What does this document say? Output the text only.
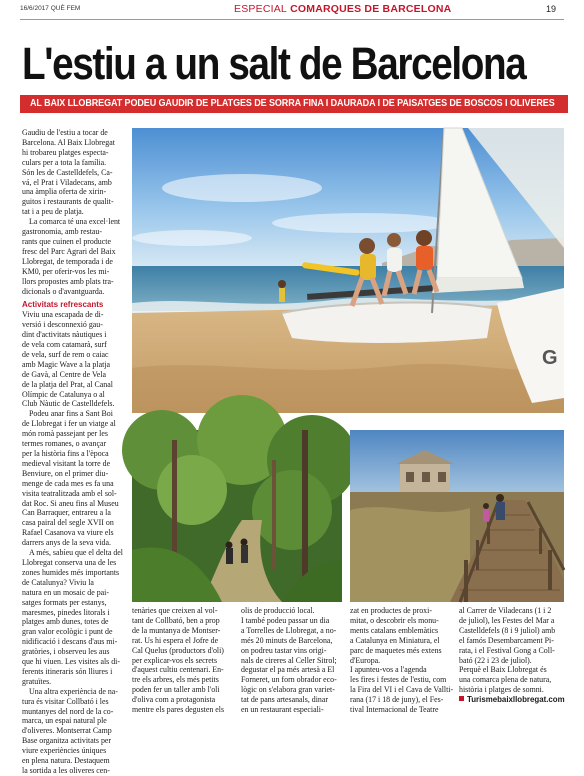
16/6/2017 QUÈ FEM	ESPECIAL COMARQUES DE BARCELONA	19
L'estiu a un salt de Barcelona
AL BAIX LLOBREGAT PODEU GAUDIR DE PLATGES DE SORRA FINA I DAURADA I DE PAISATGES DE BOSCOS I OLIVERES

Gaudiu de l'estiu a tocar de
Barcelona. Al Baix Llobregat
hi trobareu platges especta-
culars per a tota la família.
Són les de Castelldefels, Ca-
vá, el Prat i Viladecans, amb
una àmplia oferta de xirin-
guitos i restaurants de qualit-
tat i a peu de platja.

La comarca té una excel·lent
gastronomia, amb restau-
rants que cuinen el producte
fresc del Parc Agrari del Baix
Llobregat, de temporada i de
KM0, per oferir-vos les mi-
llors propostes amb plats tra-
dicionals o d'avantguarda.

Activitats refrescants

Viviu una escapada de di-
versió i desconnexió gau-
dint d'activitats nàutiques i
de vela com catamarà, surf
de vela, surf de rem o caiac
amb Magic Wave a la platja
de Gavà, al Centre de Vela
de la platja del Prat, al Canal
Olímpic de Catalunya o al
Club Nàutic de Castelldefels.

Podeu anar fins a Sant Boi
de Llobregat i fer un viatge al
món romà passejant per les
termes romanes, o avançar
per la història fins a l'època
medieval visitant la torre de
Benviure, on el primer diu-
menge de cada mes es fa una
visita teatralitzada amb el sol-
dat Roc. Si aneu fins al Museu
Can Barraquer, entrareu a la
casa pairal del segle XVII on
Rafael Casanova va viure els
darrers anys de la seva vida.

A més, sabíeu que el delta del
Llobregat conserva una de les
zones humides més importants
de Catalunya? Viviu la
natura en un mosaic de pai-
satges formats per estanys,
maresmes, pinedes litorals i
platges amb dunes, totes de
gran valor ecològic i punt de
nidificació i descans d'aus mi-
gratòries, i observeu les aus
que hi viuen. Les visites als di-
ferents itineraris són lliures i
gratuïtes.

Una altra experiència de na-
tura és visitar Collbató i les
muntanyes del nord de la co-
marca, un espai natural ple
d'oliveres. Montserrat Camp
Base organitza activitats per
viure experiències úniques
en plena natura. Destaquem
la sortida a les oliveres cen-

G

tenàries que creixen al vol-
tant de Collbató, ben a prop
de la muntanya de Montser-
rat. Us hi espera el Jofre de
Cal Quelus (productors d'oli)
per explicar-vos els secrets
d'aquest cultiu centenari. En-
tre els arbres, els més petits
poden fer un taller amb l'oli
d'oliva com a protagonista
mentre els pares degusten els

olis de producció local.
I també podeu passar un dia
a Torrelles de Llobregat, a no-
més 20 minuts de Barcelona,
on podreu tastar vins origi-
nals de cireres al Celler Sitrol;
degustar el pa més artesà a El
Forneret, un forn obrador eco-
lògic on s'elabora gran variet-
tat de pans artesanals, dinar
en un restaurant especiali-

zat en productes de proxi-
mitat, o descobrir els monu-
ments catalans emblemàtics
a Catalunya en Miniatura, el
parc de maquetes més extens
d'Europa.
I apunteu-vos a l'agenda
les fires i festes de l'estiu, com
la Fira del VI i el Cava de Vallti-
rana (17 i 18 de juny), el Fes-
tival Internacional de Teatre

al Carrer de Viladecans (1 i 2
de juliol), les Festes del Mar a
Castelldefels (8 i 9 juliol) amb
el famós Desembarcament Pi-
rata, i el Festival Gong a Coll-
bató (22 i 23 de juliol).
Perquè el Baix Llobregat és
una comarca plena de natura,
història i platges de somni.

Turismebaixllobregat.com
